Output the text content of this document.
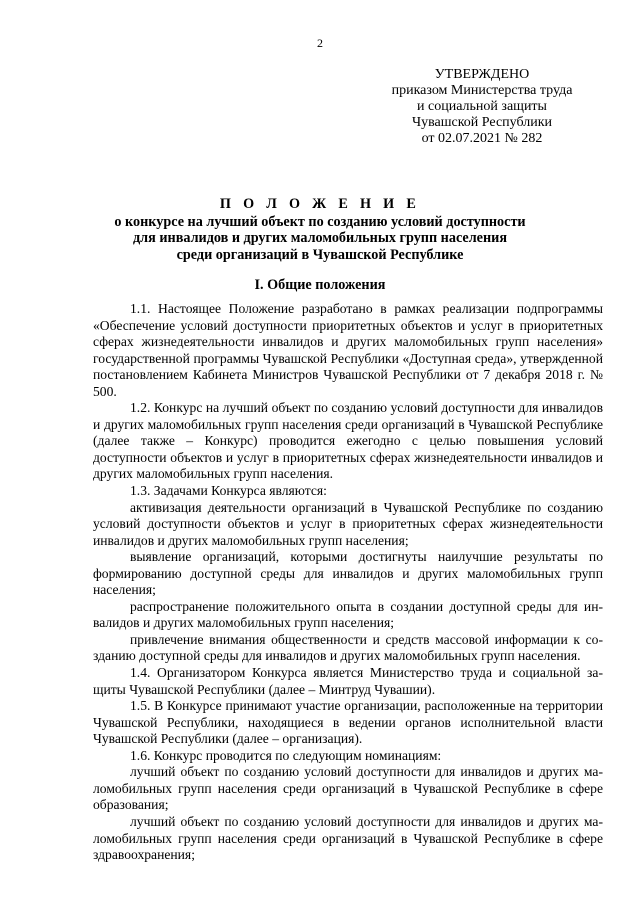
2
УТВЕРЖДЕНО
приказом Министерства труда
и социальной защиты
Чувашской Республики
от 02.07.2021 № 282
П О Л О Ж Е Н И Е
о конкурсе на лучший объект по созданию условий доступности
для инвалидов и других маломобильных групп населения
среди организаций в Чувашской Республике
I. Общие положения

1.1. Настоящее Положение разработано в рамках реализации подпрограммы «Обеспечение условий доступности приоритетных объектов и услуг в приоритетных сферах жизнедеятельности инвалидов и других маломобильных групп населения» государственной программы Чувашской Республики «Доступная среда», утвержденной постановлением Кабинета Министров Чувашской Республики от 7 декабря 2018 г. № 500.

1.2. Конкурс на лучший объект по созданию условий доступности для инвалидов и других маломобильных групп населения среди организаций в Чувашской Республике (далее также – Конкурс) проводится ежегодно с целью повышения условий доступности объектов и услуг в приоритетных сферах жизнедеятельности инвалидов и других маломобильных групп населения.

1.3. Задачами Конкурса являются:

активизация деятельности организаций в Чувашской Республике по созданию условий доступности объектов и услуг в приоритетных сферах жизнедеятельности инвалидов и других маломобильных групп населения;

выявление организаций, которыми достигнуты наилучшие результаты по формированию доступной среды для инвалидов и других маломобильных групп населения;

распространение положительного опыта в создании доступной среды для инвалидов и других маломобильных групп населения;

привлечение внимания общественности и средств массовой информации к созданию доступной среды для инвалидов и других маломобильных групп населения.

1.4. Организатором Конкурса является Министерство труда и социальной защиты Чувашской Республики (далее – Минтруд Чувашии).

1.5. В Конкурсе принимают участие организации, расположенные на территории Чувашской Республики, находящиеся в ведении органов исполнительной власти Чувашской Республики (далее – организация).

1.6. Конкурс проводится по следующим номинациям:

лучший объект по созданию условий доступности для инвалидов и других маломобильных групп населения среди организаций в Чувашской Республике в сфере образования;

лучший объект по созданию условий доступности для инвалидов и других маломобильных групп населения среди организаций в Чувашской Республике в сфере здравоохранения;
